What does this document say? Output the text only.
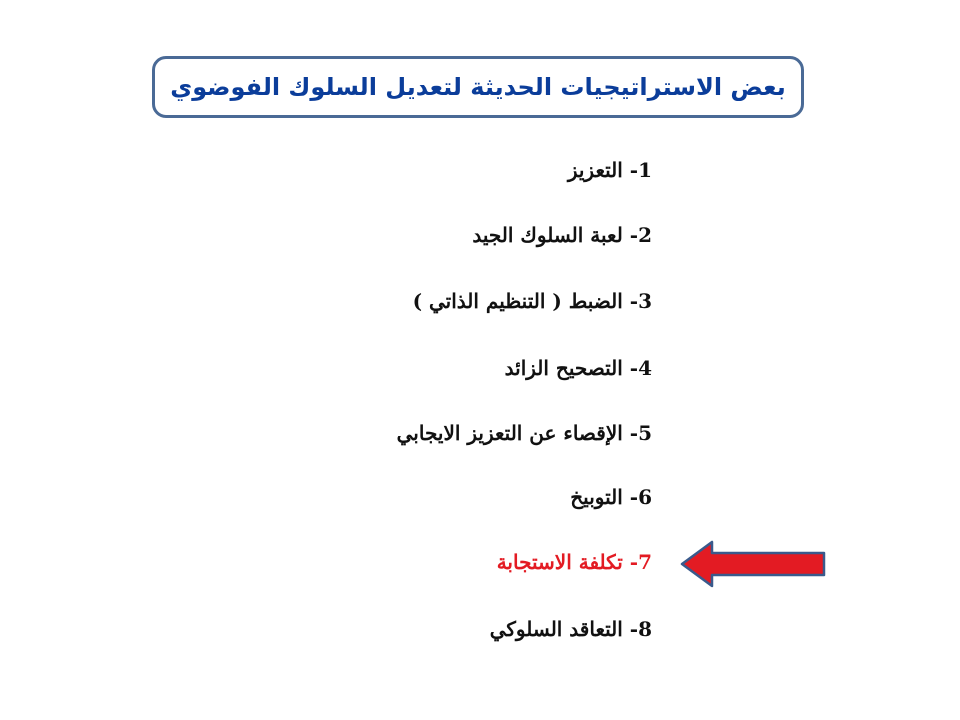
بعض الاستراتيجيات الحديثة لتعديل السلوك الفوضوي
1- التعزيز
2- لعبة السلوك الجيد
3- الضبط ( التنظيم الذاتي )
4- التصحيح الزائد
5- الإقصاء عن التعزيز الايجابي
6- التوبيخ
7- تكلفة الاستجابة
8- التعاقد السلوكي
